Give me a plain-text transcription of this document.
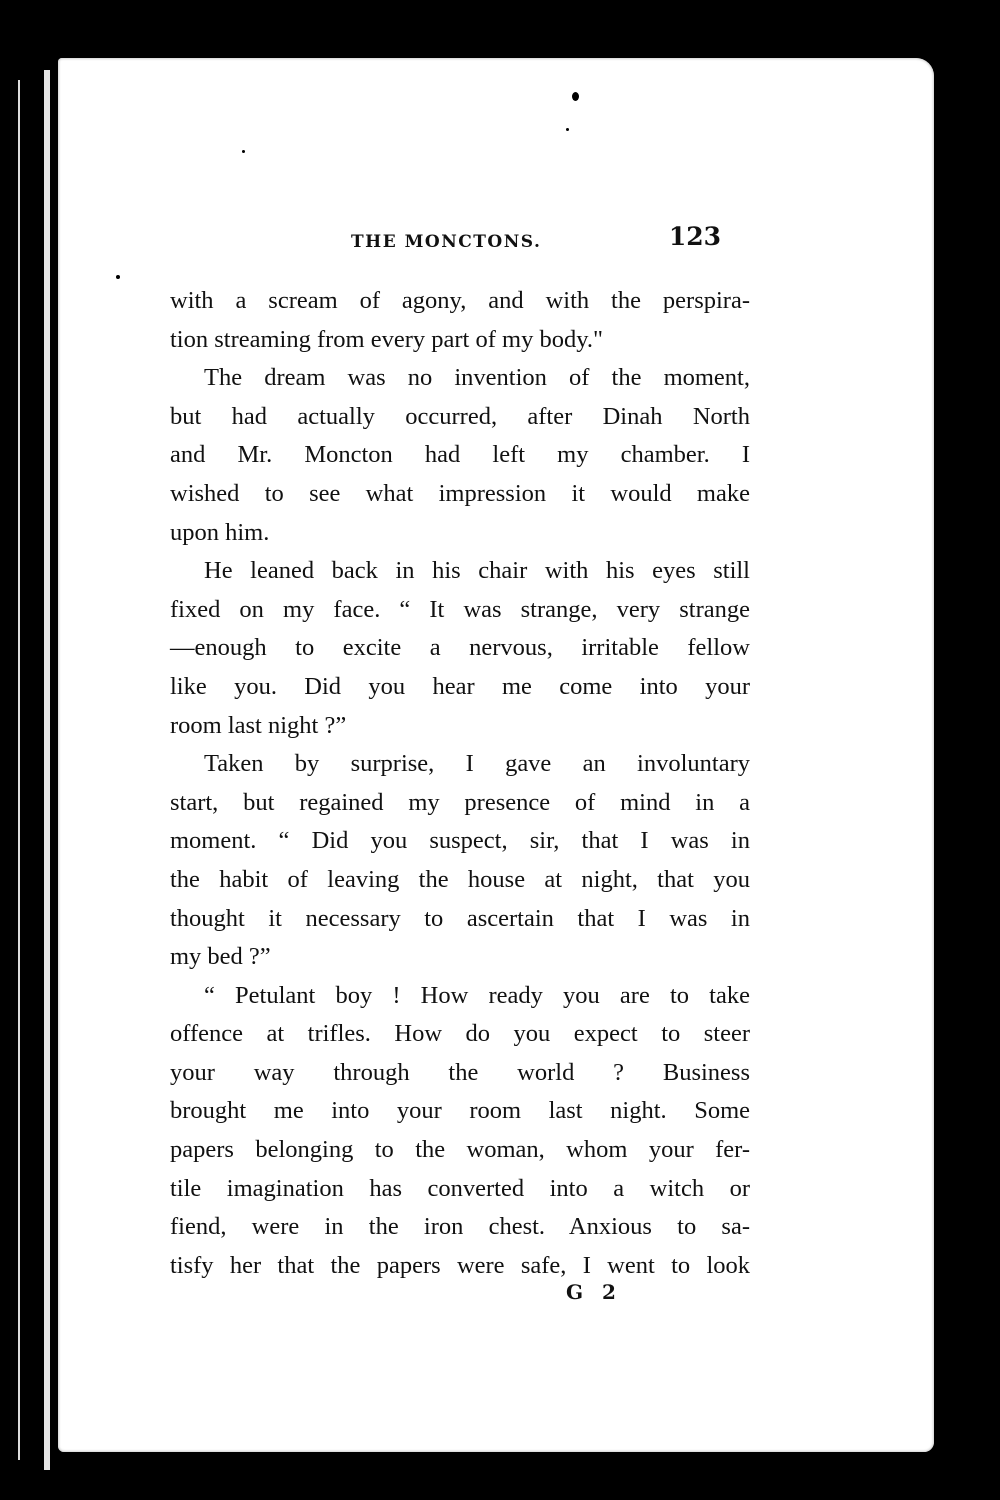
THE MONCTONS.	123
with a scream of agony, and with the perspira-
tion streaming from every part of my body."
The dream was no invention of the moment,
but had actually occurred, after Dinah North
and Mr. Moncton had left my chamber. I
wished to see what impression it would make
upon him.
He leaned back in his chair with his eyes still
fixed on my face. “ It was strange, very strange
—enough to excite a nervous, irritable fellow
like you. Did you hear me come into your
room last night ?”
Taken by surprise, I gave an involuntary
start, but regained my presence of mind in a
moment. “ Did you suspect, sir, that I was in
the habit of leaving the house at night, that you
thought it necessary to ascertain that I was in
my bed ?”
“ Petulant boy ! How ready you are to take
offence at trifles. How do you expect to steer
your way through the world ? Business
brought me into your room last night. Some
papers belonging to the woman, whom your fer-
tile imagination has converted into a witch or
fiend, were in the iron chest. Anxious to sa-
tisfy her that the papers were safe, I went to look
G 2
